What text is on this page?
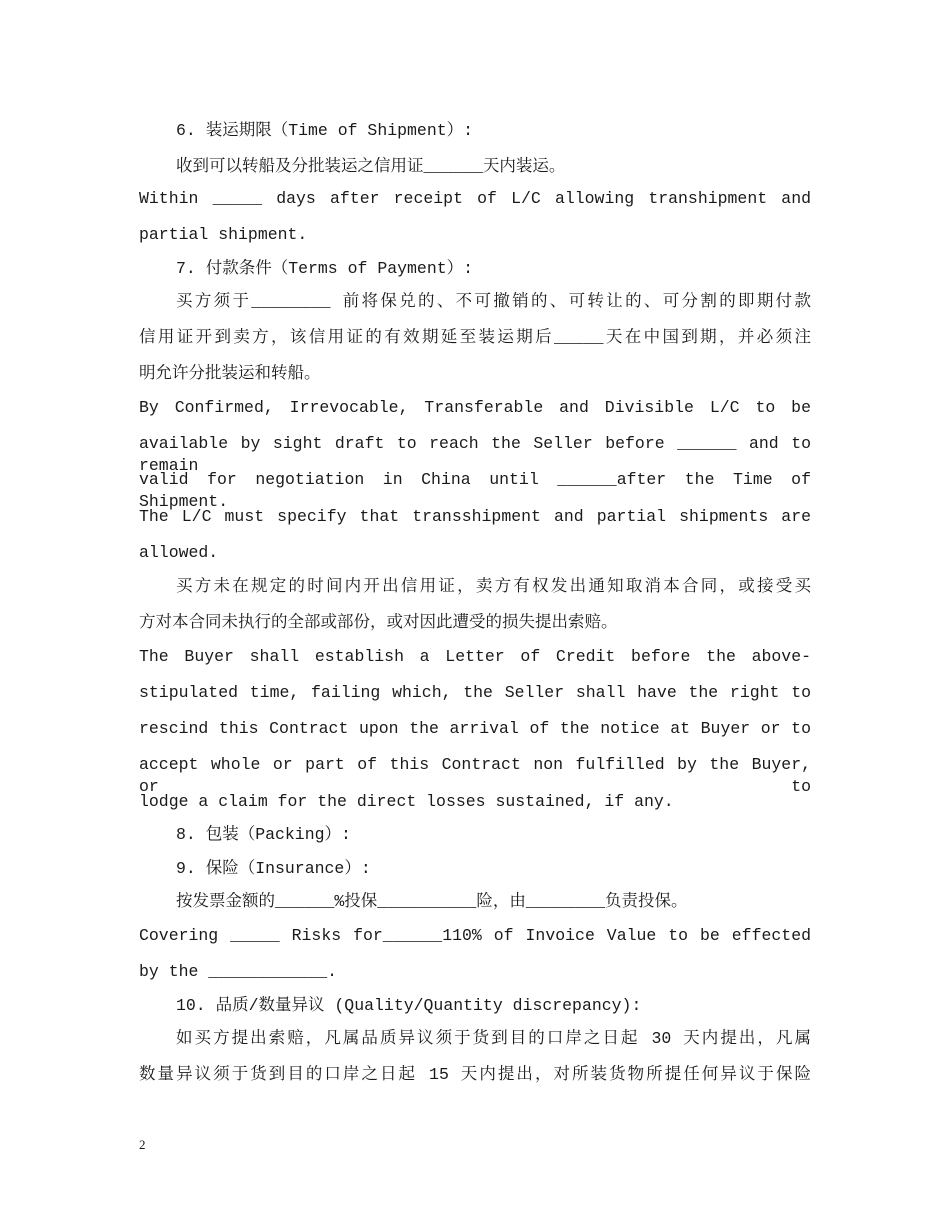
6. 装运期限（Time of Shipment）:
收到可以转船及分批装运之信用证______天内装运。
Within _____ days after receipt of L/C allowing transhipment and
partial shipment.
7. 付款条件（Terms of Payment）:
买方须于________ 前将保兑的、不可撤销的、可转让的、可分割的即期付款
信用证开到卖方，该信用证的有效期延至装运期后_____天在中国到期，并必须注
明允许分批装运和转船。
By Confirmed, Irrevocable, Transferable and Divisible L/C to be
available by sight draft to reach the Seller before ______ and to remain
valid for negotiation in China until ______after the Time of Shipment.
The L/C must specify that transshipment and partial shipments are
allowed.
买方未在规定的时间内开出信用证，卖方有权发出通知取消本合同，或接受买
方对本合同未执行的全部或部份，或对因此遭受的损失提出索赔。
The Buyer shall establish a Letter of Credit before the above-
stipulated time, failing which, the Seller shall have the right to
rescind this Contract upon the arrival of the notice at Buyer or to
accept whole or part of this Contract non fulfilled by the Buyer, or to
lodge a claim for the direct losses sustained, if any.
8. 包装（Packing）:
9. 保险（Insurance）:
按发票金额的______%投保__________险，由________负责投保。
Covering _____ Risks for______110% of Invoice Value to be effected
by the ____________.
10. 品质/数量异议 (Quality/Quantity discrepancy):
如买方提出索赔，凡属品质异议须于货到目的口岸之日起 30 天内提出，凡属
数量异议须于货到目的口岸之日起 15 天内提出，对所装货物所提任何异议于保险
2
